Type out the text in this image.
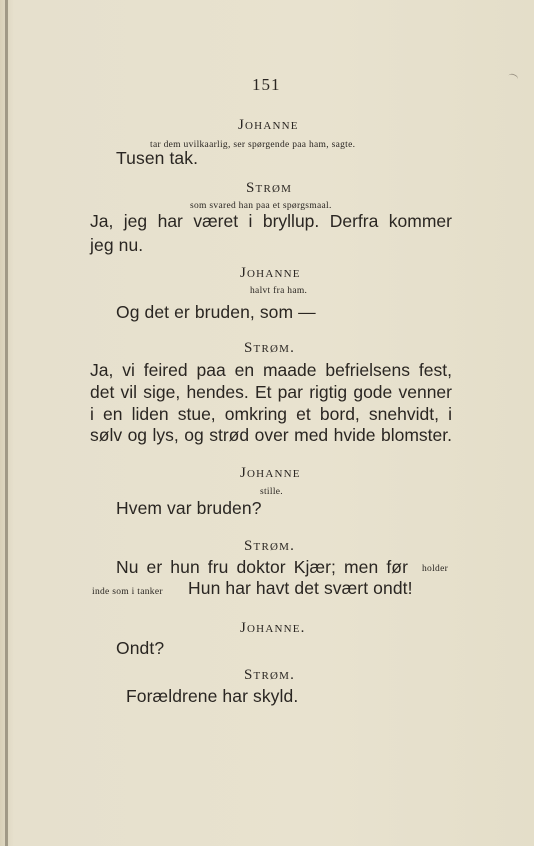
151
Johanne
tar dem uvilkaarlig, ser spørgende paa ham, sagte.
Tusen tak.
Strøm
som svared han paa et spørgsmaal.
Ja, jeg har været i bryllup. Derfra kommer
jeg nu.
Johanne
halvt fra ham.
Og det er bruden, som —
Strøm.
Ja, vi feired paa en maade befrielsens fest,
det vil sige, hendes. Et par rigtig gode venner
i en liden stue, omkring et bord, snehvidt, i
sølv og lys, og strød over med hvide blomster.
Johanne
stille.
Hvem var bruden?
Strøm.
Nu er hun fru doktor Kjær; men før holder
inde som i tanker Hun har havt det svært ondt!
Johanne.
Ondt?
Strøm.
Forældrene har skyld.
